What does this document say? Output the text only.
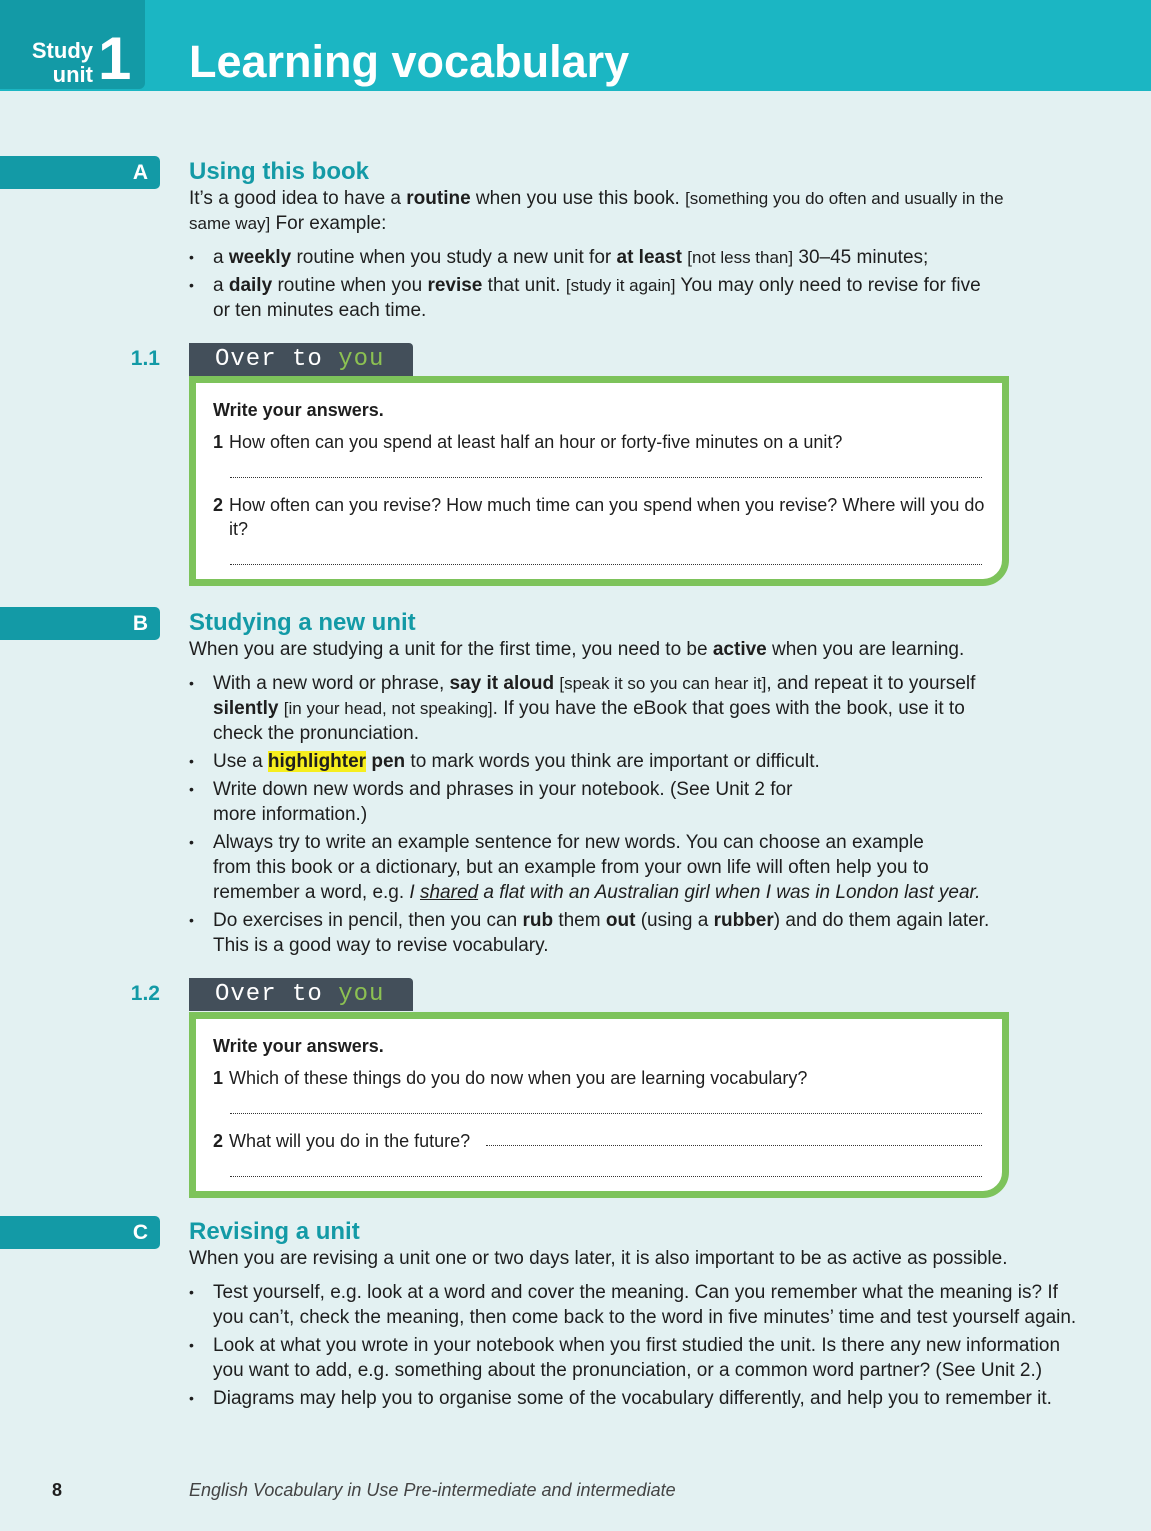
Study
unit 1 Learning vocabulary
A	Using this book

It’s a good idea to have a routine when you use this book. [something you do often and usually in the same way] For example:

• a weekly routine when you study a new unit for at least [not less than] 30–45 minutes;
• a daily routine when you revise that unit. [study it again] You may only need to revise for five or ten minutes each time.
1.1	Over to you

Write your answers.

1 How often can you spend at least half an hour or forty-five minutes on a unit?

2 How often can you revise? How much time can you spend when you revise? Where will you do it?

B	Studying a new unit

When you are studying a unit for the first time, you need to be active when you are learning.

• With a new word or phrase, say it aloud [speak it so you can hear it], and repeat it to yourself silently [in your head, not speaking]. If you have the eBook that goes with the book, use it to check the pronunciation.
• Use a highlighter pen to mark words you think are important or difficult.
• Write down new words and phrases in your notebook. (See Unit 2 for
more information.)
• Always try to write an example sentence for new words. You can choose an example
from this book or a dictionary, but an example from your own life will often help you to remember a word, e.g. I shared a flat with an Australian girl when I was in London last year.
• Do exercises in pencil, then you can rub them out (using a rubber) and do them again later. This is a good way to revise vocabulary.
1.2	Over to you

Write your answers.

1 Which of these things do you do now when you are learning vocabulary?

2 What will you do in the future?

C	Revising a unit

When you are revising a unit one or two days later, it is also important to be as active as possible.

• Test yourself, e.g. look at a word and cover the meaning. Can you remember what the meaning is? If you can’t, check the meaning, then come back to the word in five minutes’ time and test yourself again.
• Look at what you wrote in your notebook when you first studied the unit. Is there any new information you want to add, e.g. something about the pronunciation, or a common word partner? (See Unit 2.)
• Diagrams may help you to organise some of the vocabulary differently, and help you to remember it.
8	English Vocabulary in Use Pre-intermediate and intermediate
